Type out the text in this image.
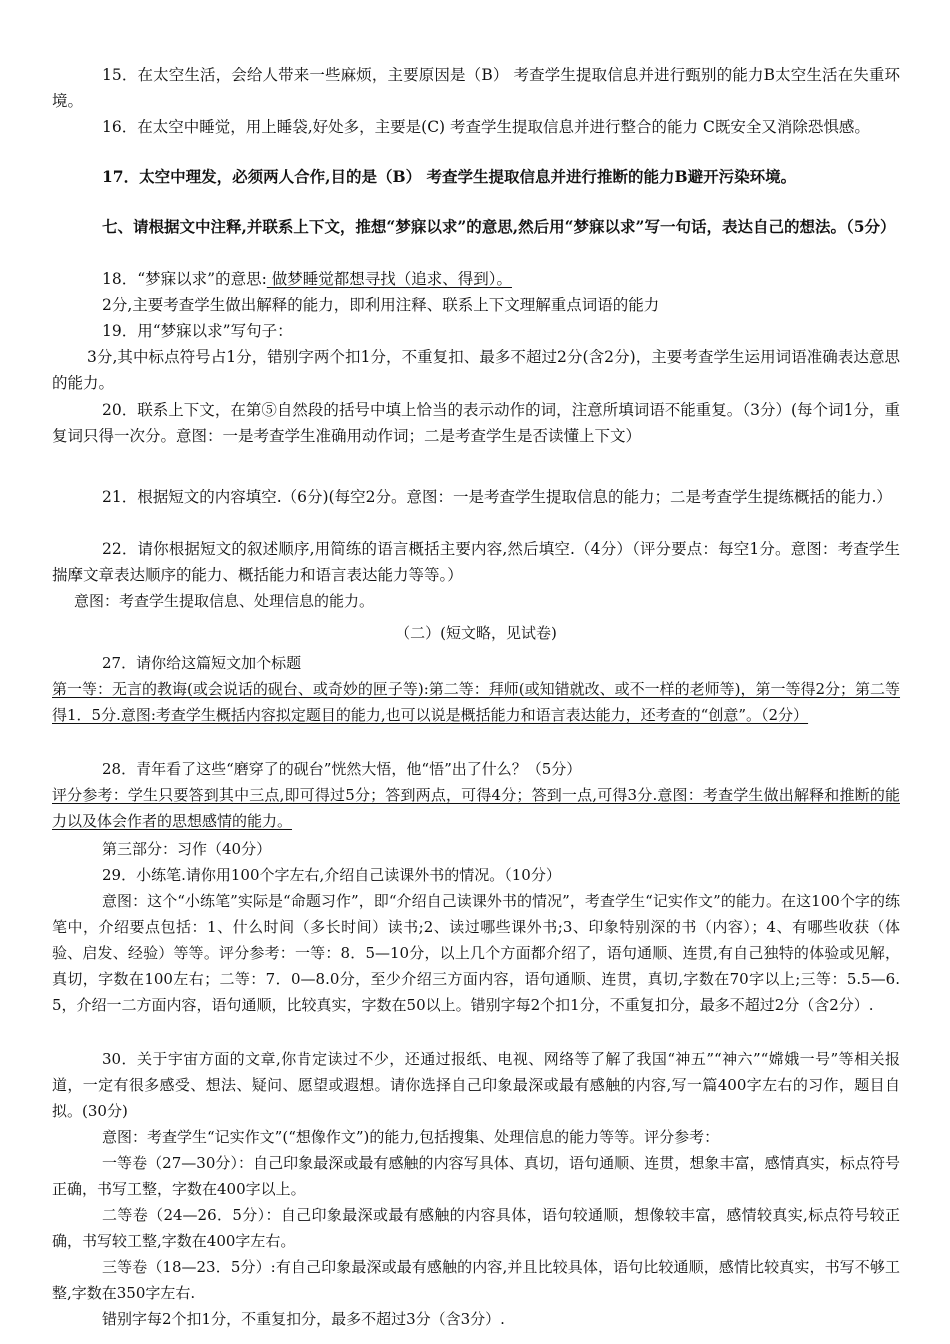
15．在太空生活，会给人带来一些麻烦，主要原因是（B） 考查学生提取信息并进行甄别的能力B太空生活在失重环境。

16．在太空中睡觉，用上睡袋,好处多，主要是(C) 考查学生提取信息并进行整合的能力 C既安全又消除恐惧感。

17．太空中理发，必须两人合作,目的是（B） 考查学生提取信息并进行推断的能力B避开污染环境。

七、请根据文中注释,并联系上下文，推想“梦寐以求”的意思,然后用“梦寐以求”写一句话，表达自己的想法。（5分）

18．“梦寐以求”的意思: 做梦睡觉都想寻找（追求、得到）。

2分,主要考查学生做出解释的能力，即利用注释、联系上下文理解重点词语的能力

19．用“梦寐以求”写句子：

3分,其中标点符号占1分，错别字两个扣1分，不重复扣、最多不超过2分(含2分)，主要考查学生运用词语准确表达意思的能力。

20．联系上下文，在第⑤自然段的括号中填上恰当的表示动作的词，注意所填词语不能重复。（3分）(每个词1分，重复词只得一次分。意图：一是考查学生准确用动作词；二是考查学生是否读懂上下文）

21．根据短文的内容填空.（6分)(每空2分。意图：一是考查学生提取信息的能力；二是考查学生提练概括的能力.）

22．请你根据短文的叙述顺序,用简练的语言概括主要内容,然后填空.（4分）（评分要点：每空1分。意图：考查学生揣摩文章表达顺序的能力、概括能力和语言表达能力等等。）

意图：考查学生提取信息、处理信息的能力。

（二）(短文略，见试卷)

27．请你给这篇短文加个标题

第一等：无言的教诲(或会说话的砚台、或奇妙的匣子等):第二等：拜师(或知错就改、或不一样的老师等)，第一等得2分；第二等得1．5分.意图:考查学生概括内容拟定题目的能力,也可以说是概括能力和语言表达能力，还考查的“创意”。（2分）

28．青年看了这些“磨穿了的砚台”恍然大悟，他“悟”出了什么？（5分）

评分参考：学生只要答到其中三点,即可得过5分；答到两点，可得4分；答到一点,可得3分.意图：考查学生做出解释和推断的能力以及体会作者的思想感情的能力。

第三部分：习作（40分）

29．小练笔.请你用100个字左右,介绍自己读课外书的情况。（10分）

意图：这个“小练笔”实际是“命题习作”，即“介绍自己读课外书的情况”，考查学生“记实作文”的能力。在这100个字的练笔中，介绍要点包括：1、什么时间（多长时间）读书;2、读过哪些课外书;3、印象特别深的书（内容）；4、有哪些收获（体验、启发、经验）等等。评分参考：一等：8．5—10分，以上几个方面都介绍了，语句通顺、连贯,有自己独特的体验或见解，真切，字数在100左右；二等：7．0—8.0分，至少介绍三方面内容，语句通顺、连贯，真切,字数在70字以上;三等：5.5—6.5，介绍一二方面内容，语句通顺，比较真实，字数在50以上。错别字每2个扣1分，不重复扣分，最多不超过2分（含2分）.

30．关于宇宙方面的文章,你肯定读过不少，还通过报纸、电视、网络等了解了我国“神五”“神六”“嫦娥一号”等相关报道，一定有很多感受、想法、疑问、愿望或遐想。请你选择自己印象最深或最有感触的内容,写一篇400字左右的习作，题目自拟。(30分)

意图：考查学生“记实作文”(“想像作文”)的能力,包括搜集、处理信息的能力等等。评分参考：

一等卷（27—30分）：自己印象最深或最有感触的内容写具体、真切，语句通顺、连贯，想象丰富，感情真实，标点符号正确，书写工整，字数在400字以上。

二等卷（24—26．5分）：自己印象最深或最有感触的内容具体，语句较通顺，想像较丰富，感情较真实,标点符号较正确，书写较工整,字数在400字左右。

三等卷（18—23．5分）:有自己印象最深或最有感触的内容,并且比较具体，语句比较通顺，感情比较真实，书写不够工整,字数在350字左右.

错别字每2个扣1分，不重复扣分，最多不超过3分（含3分）.
